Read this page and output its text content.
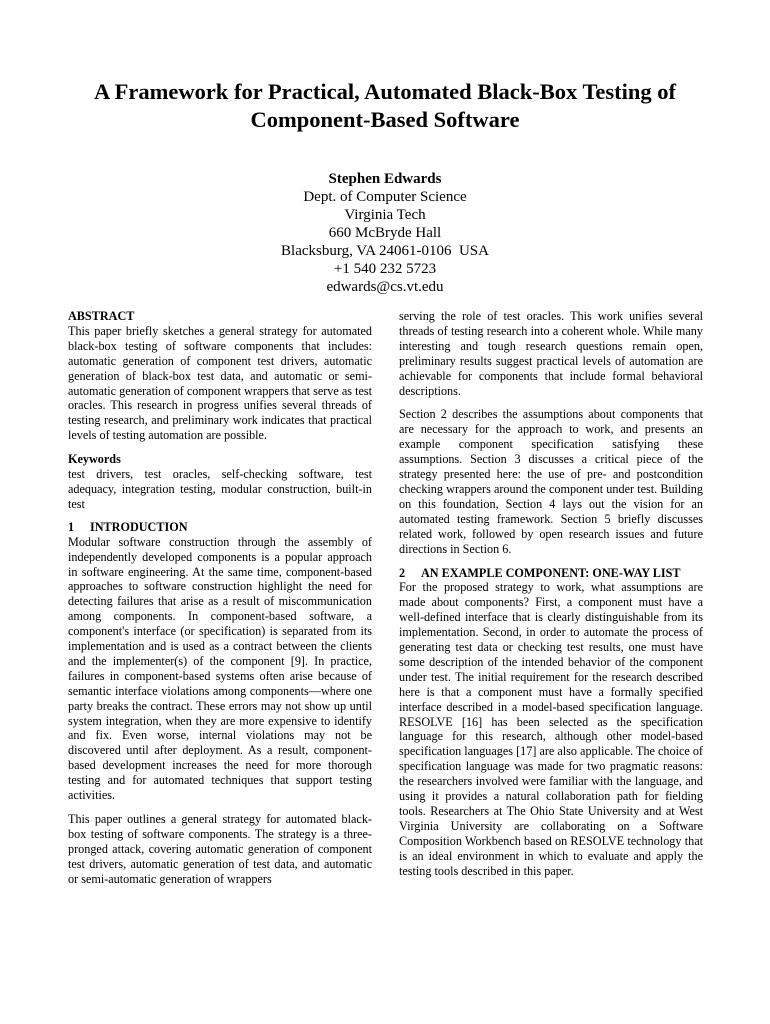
A Framework for Practical, Automated Black-Box Testing of Component-Based Software
Stephen Edwards
Dept. of Computer Science
Virginia Tech
660 McBryde Hall
Blacksburg, VA 24061-0106  USA
+1 540 232 5723
edwards@cs.vt.edu
ABSTRACT

This paper briefly sketches a general strategy for automated black-box testing of software components that includes: automatic generation of component test drivers, automatic generation of black-box test data, and automatic or semi-automatic generation of component wrappers that serve as test oracles. This research in progress unifies several threads of testing research, and preliminary work indicates that practical levels of testing automation are possible.

Keywords

test drivers, test oracles, self-checking software, test adequacy, integration testing, modular construction, built-in test

1 INTRODUCTION

Modular software construction through the assembly of independently developed components is a popular approach in software engineering. At the same time, component-based approaches to software construction highlight the need for detecting failures that arise as a result of miscommunication among components. In component-based software, a component's interface (or specification) is separated from its implementation and is used as a contract between the clients and the implementer(s) of the component [9]. In practice, failures in component-based systems often arise because of semantic interface violations among components—where one party breaks the contract. These errors may not show up until system integration, when they are more expensive to identify and fix. Even worse, internal violations may not be discovered until after deployment. As a result, component-based development increases the need for more thorough testing and for automated techniques that support testing activities.

This paper outlines a general strategy for automated black-box testing of software components. The strategy is a three-pronged attack, covering automatic generation of component test drivers, automatic generation of test data, and automatic or semi-automatic generation of wrappers

serving the role of test oracles. This work unifies several threads of testing research into a coherent whole. While many interesting and tough research questions remain open, preliminary results suggest practical levels of automation are achievable for components that include formal behavioral descriptions.

Section 2 describes the assumptions about components that are necessary for the approach to work, and presents an example component specification satisfying these assumptions. Section 3 discusses a critical piece of the strategy presented here: the use of pre- and postcondition checking wrappers around the component under test. Building on this foundation, Section 4 lays out the vision for an automated testing framework. Section 5 briefly discusses related work, followed by open research issues and future directions in Section 6.

2 AN EXAMPLE COMPONENT: ONE-WAY LIST

For the proposed strategy to work, what assumptions are made about components? First, a component must have a well-defined interface that is clearly distinguishable from its implementation. Second, in order to automate the process of generating test data or checking test results, one must have some description of the intended behavior of the component under test. The initial requirement for the research described here is that a component must have a formally specified interface described in a model-based specification language. RESOLVE [16] has been selected as the specification language for this research, although other model-based specification languages [17] are also applicable. The choice of specification language was made for two pragmatic reasons: the researchers involved were familiar with the language, and using it provides a natural collaboration path for fielding tools. Researchers at The Ohio State University and at West Virginia University are collaborating on a Software Composition Workbench based on RESOLVE technology that is an ideal environment in which to evaluate and apply the testing tools described in this paper.
